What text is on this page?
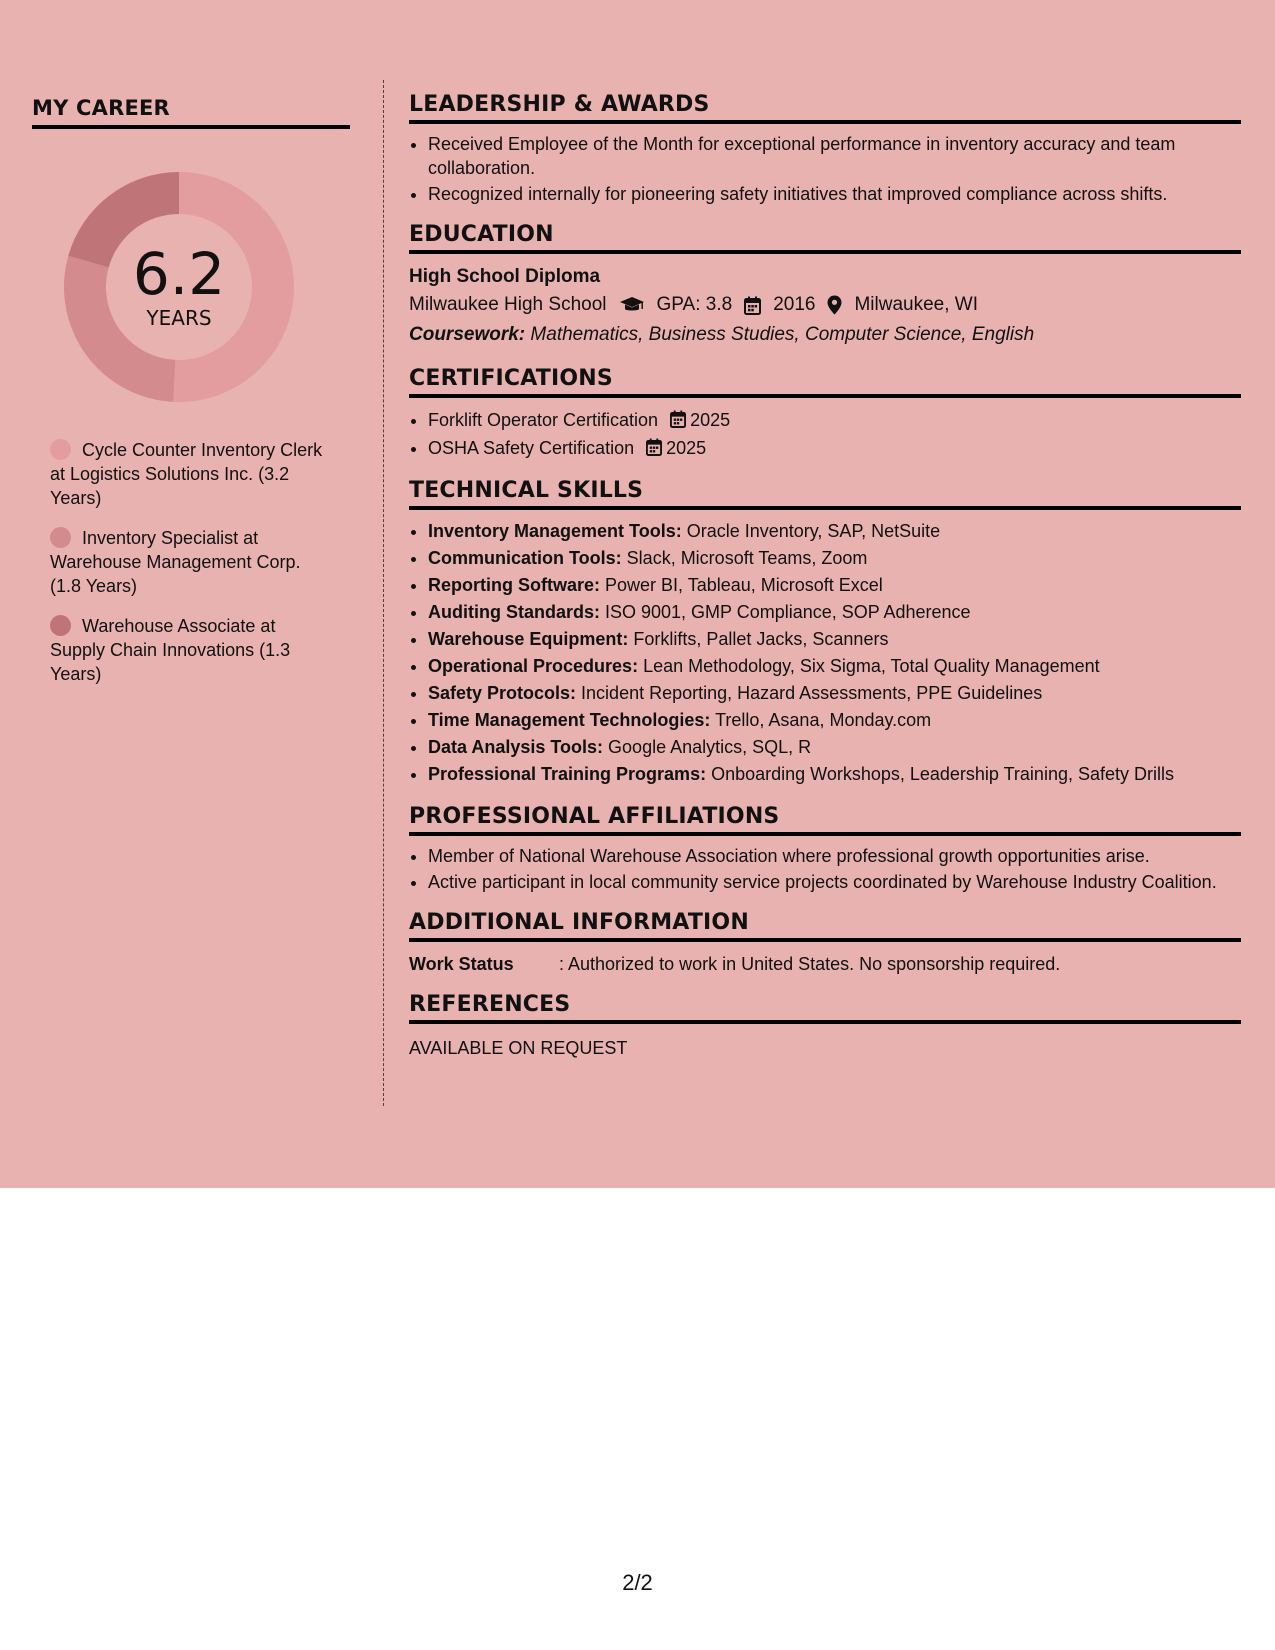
MY CAREER
6.2
YEARS
Cycle Counter Inventory Clerk at Logistics Solutions Inc. (3.2 Years)
Inventory Specialist at Warehouse Management Corp. (1.8 Years)
Warehouse Associate at Supply Chain Innovations (1.3 Years)
LEADERSHIP & AWARDS
• Received Employee of the Month for exceptional performance in inventory accuracy and team collaboration.
• Recognized internally for pioneering safety initiatives that improved compliance across shifts.
EDUCATION
High School Diploma
Milwaukee High School	GPA: 3.8 2016 Milwaukee, WI
Coursework: Mathematics, Business Studies, Computer Science, English
CERTIFICATIONS
• Forklift Operator Certification 2025
• OSHA Safety Certification 2025
TECHNICAL SKILLS
• Inventory Management Tools: Oracle Inventory, SAP, NetSuite
• Communication Tools: Slack, Microsoft Teams, Zoom
• Reporting Software: Power BI, Tableau, Microsoft Excel
• Auditing Standards: ISO 9001, GMP Compliance, SOP Adherence
• Warehouse Equipment: Forklifts, Pallet Jacks, Scanners
• Operational Procedures: Lean Methodology, Six Sigma, Total Quality Management
• Safety Protocols: Incident Reporting, Hazard Assessments, PPE Guidelines
• Time Management Technologies: Trello, Asana, Monday.com
• Data Analysis Tools: Google Analytics, SQL, R
• Professional Training Programs: Onboarding Workshops, Leadership Training, Safety Drills
PROFESSIONAL AFFILIATIONS
• Member of National Warehouse Association where professional growth opportunities arise.
• Active participant in local community service projects coordinated by Warehouse Industry Coalition.
ADDITIONAL INFORMATION
Work Status	: Authorized to work in United States. No sponsorship required.
REFERENCES
AVAILABLE ON REQUEST
2/2
